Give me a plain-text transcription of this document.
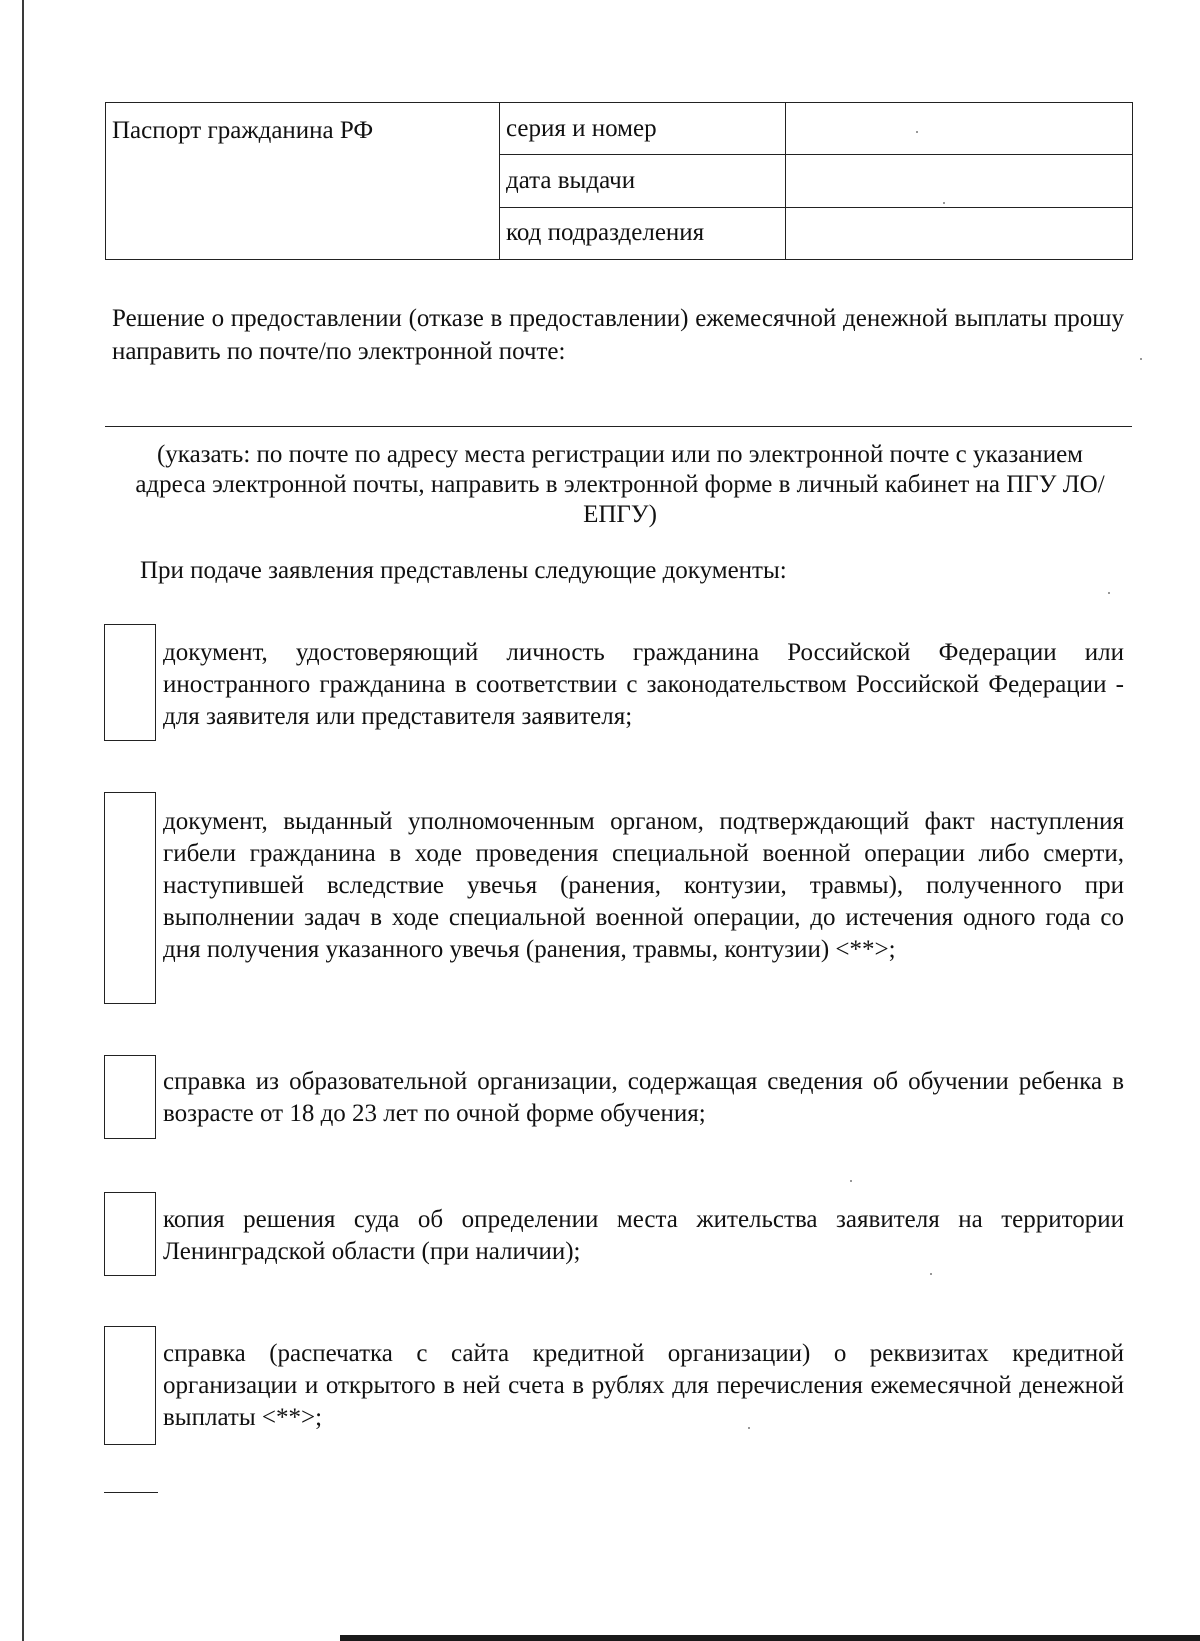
Паспорт гражданина РФ	серия и номер	
	дата выдачи	
	код подразделения	

Решение о предоставлении (отказе в предоставлении) ежемесячной денежной выплаты прошу направить по почте/по электронной почте:

(указать: по почте по адресу места регистрации или по электронной почте с указанием адреса электронной почты, направить в электронной форме в личный кабинет на ПГУ ЛО/ЕПГУ)

При подаче заявления представлены следующие документы:

документ, удостоверяющий личность гражданина Российской Федерации или иностранного гражданина в соответствии с законодательством Российской Федерации - для заявителя или представителя заявителя;

документ, выданный уполномоченным органом, подтверждающий факт наступления гибели гражданина в ходе проведения специальной военной операции либо смерти, наступившей вследствие увечья (ранения, контузии, травмы), полученного при выполнении задач в ходе специальной военной операции, до истечения одного года со дня получения указанного увечья (ранения, травмы, контузии) <**>;

справка из образовательной организации, содержащая сведения об обучении ребенка в возрасте от 18 до 23 лет по очной форме обучения;

копия решения суда об определении места жительства заявителя на территории Ленинградской области (при наличии);

справка (распечатка с сайта кредитной организации) о реквизитах кредитной организации и открытого в ней счета в рублях для перечисления ежемесячной денежной выплаты <**>;
